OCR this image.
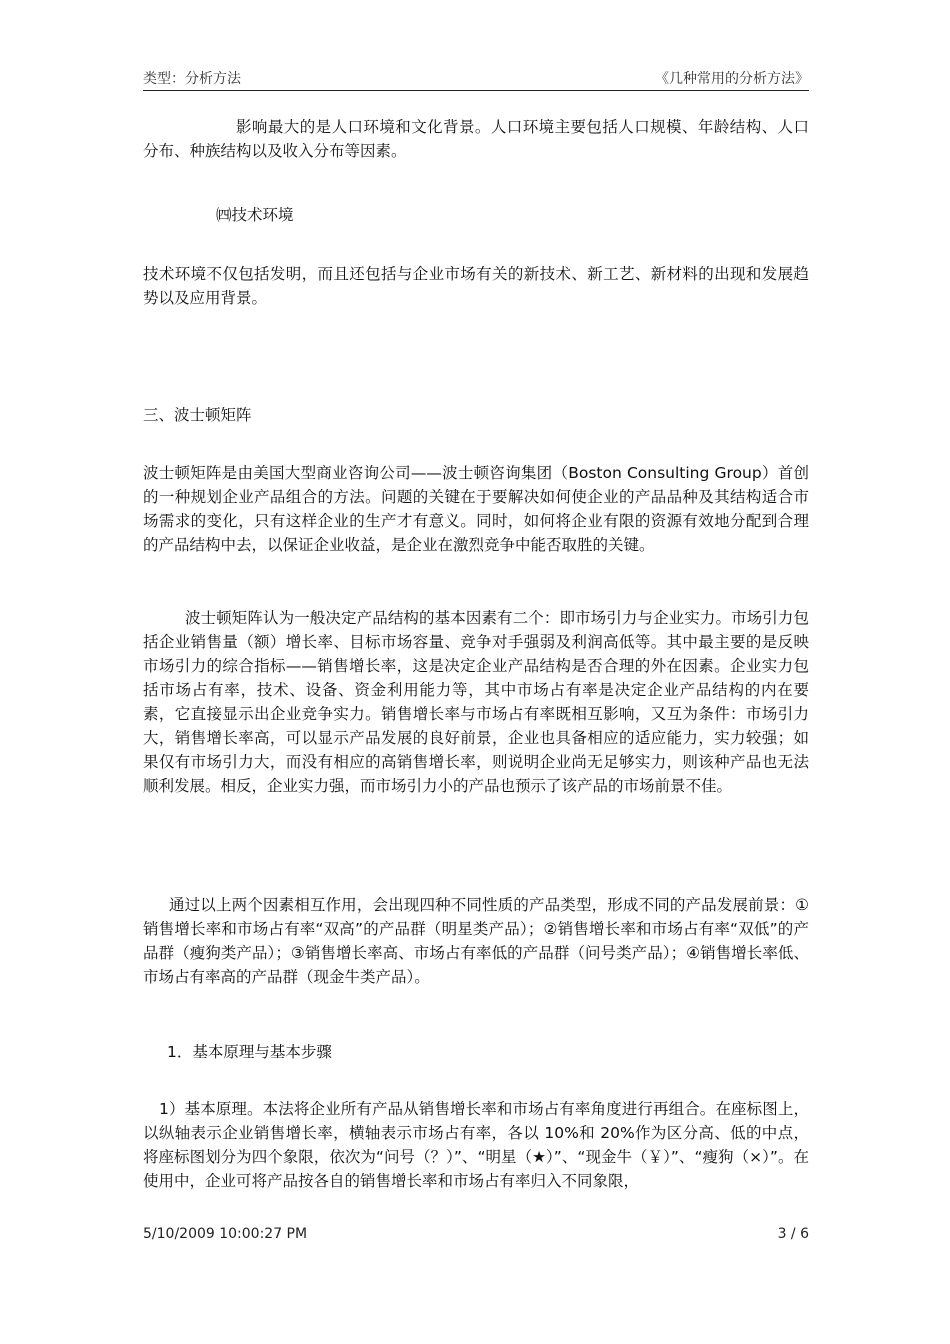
类型：分析方法	《几种常用的分析方法》

影响最大的是人口环境和文化背景。人口环境主要包括人口规模、年龄结构、人口分布、种族结构以及收入分布等因素。

㈣技术环境

技术环境不仅包括发明，而且还包括与企业市场有关的新技术、新工艺、新材料的出现和发展趋势以及应用背景。

三、波士顿矩阵

波士顿矩阵是由美国大型商业咨询公司——波士顿咨询集团（Boston Consulting Group）首创的一种规划企业产品组合的方法。问题的关键在于要解决如何使企业的产品品种及其结构适合市场需求的变化，只有这样企业的生产才有意义。同时，如何将企业有限的资源有效地分配到合理的产品结构中去，以保证企业收益，是企业在激烈竞争中能否取胜的关键。

波士顿矩阵认为一般决定产品结构的基本因素有二个：即市场引力与企业实力。市场引力包括企业销售量（额）增长率、目标市场容量、竞争对手强弱及利润高低等。其中最主要的是反映市场引力的综合指标——销售增长率，这是决定企业产品结构是否合理的外在因素。企业实力包括市场占有率，技术、设备、资金利用能力等，其中市场占有率是决定企业产品结构的内在要素，它直接显示出企业竞争实力。销售增长率与市场占有率既相互影响，又互为条件：市场引力大，销售增长率高，可以显示产品发展的良好前景，企业也具备相应的适应能力，实力较强；如果仅有市场引力大，而没有相应的高销售增长率，则说明企业尚无足够实力，则该种产品也无法顺利发展。相反，企业实力强，而市场引力小的产品也预示了该产品的市场前景不佳。

通过以上两个因素相互作用，会出现四种不同性质的产品类型，形成不同的产品发展前景：①销售增长率和市场占有率“双高”的产品群（明星类产品）；②销售增长率和市场占有率“双低”的产品群（瘦狗类产品）；③销售增长率高、市场占有率低的产品群（问号类产品）；④销售增长率低、市场占有率高的产品群（现金牛类产品）。

1．基本原理与基本步骤

1）基本原理。本法将企业所有产品从销售增长率和市场占有率角度进行再组合。在座标图上，以纵轴表示企业销售增长率，横轴表示市场占有率，各以 10%和 20%作为区分高、低的中点，将座标图划分为四个象限，依次为“问号（？）”、“明星（★）”、“现金牛（￥）”、“瘦狗（×）”。在使用中，企业可将产品按各自的销售增长率和市场占有率归入不同象限，

5/10/2009 10:00:27 PM	3 / 6
